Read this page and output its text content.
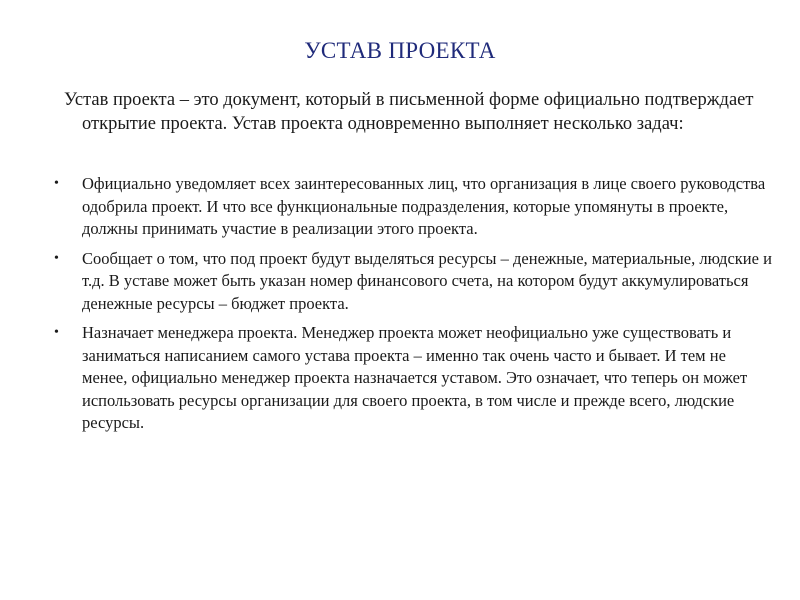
УСТАВ ПРОЕКТА
Устав проекта – это документ, который в письменной форме официально подтверждает открытие проекта. Устав проекта одновременно выполняет несколько задач:
• Официально уведомляет всех заинтересованных лиц, что организация в лице своего руководства одобрила проект. И что все функциональные подразделения, которые упомянуты в проекте, должны принимать участие в реализации этого проекта.
• Сообщает о том, что под проект будут выделяться ресурсы – денежные, материальные, людские и т.д. В уставе может быть указан номер финансового счета, на котором будут аккумулироваться денежные ресурсы – бюджет проекта.
• Назначает менеджера проекта. Менеджер проекта может неофициально уже существовать и заниматься написанием самого устава проекта – именно так очень часто и бывает. И тем не менее, официально менеджер проекта назначается уставом. Это означает, что теперь он может использовать ресурсы организации для своего проекта, в том числе и прежде всего, людские ресурсы.
